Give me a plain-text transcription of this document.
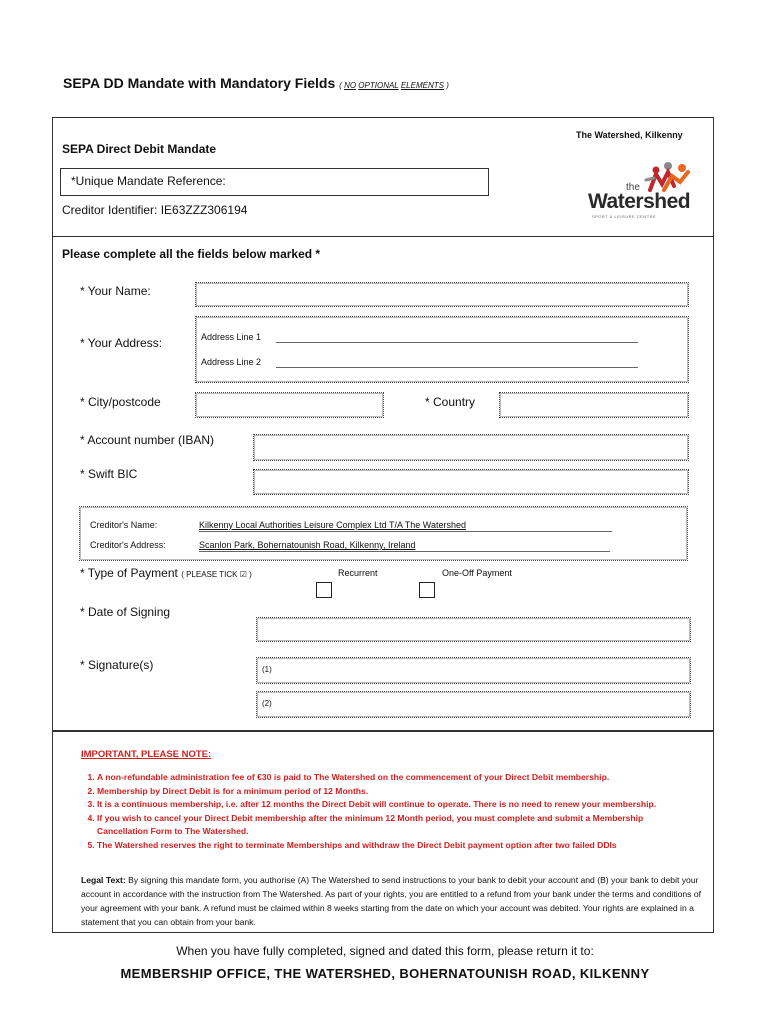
SEPA DD Mandate with Mandatory Fields ( NO OPTIONAL ELEMENTS )
SEPA Direct Debit Mandate
*Unique Mandate Reference:
Creditor Identifier: IE63ZZZ306194
The Watershed, Kilkenny
the
Watershed
SPORT & LEISURE CENTRE
Please complete all the fields below marked *
* Your Name:
* Your Address:	Address Line 1
Address Line 2
* City/postcode	* Country
* Account number (IBAN)
* Swift BIC
Creditor's Name:	Kilkenny Local Authorities Leisure Complex Ltd T/A The Watershed
Creditor's Address:	Scanlon Park, Bohernatounish Road, Kilkenny, Ireland
* Type of Payment ( PLEASE TICK ☑ )	Recurrent	One-Off Payment
* Date of Signing
* Signature(s)	(1)
(2)
IMPORTANT, PLEASE NOTE:
1. A non-refundable administration fee of €30 is paid to The Watershed on the commencement of your Direct Debit membership.
2. Membership by Direct Debit is for a minimum period of 12 Months.
3. It is a continuous membership, i.e. after 12 months the Direct Debit will continue to operate. There is no need to renew your membership.
4. If you wish to cancel your Direct Debit membership after the minimum 12 Month period, you must complete and submit a Membership Cancellation Form to The Watershed.
5. The Watershed reserves the right to terminate Memberships and withdraw the Direct Debit payment option after two failed DDIs
Legal Text: By signing this mandate form, you authorise (A) The Watershed to send instructions to your bank to debit your account and (B) your bank to debit your account in accordance with the instruction from The Watershed. As part of your rights, you are entitled to a refund from your bank under the terms and conditions of your agreement with your bank. A refund must be claimed within 8 weeks starting from the date on which your account was debited. Your rights are explained in a statement that you can obtain from your bank.
When you have fully completed, signed and dated this form, please return it to:
MEMBERSHIP OFFICE, THE WATERSHED, BOHERNATOUNISH ROAD, KILKENNY
